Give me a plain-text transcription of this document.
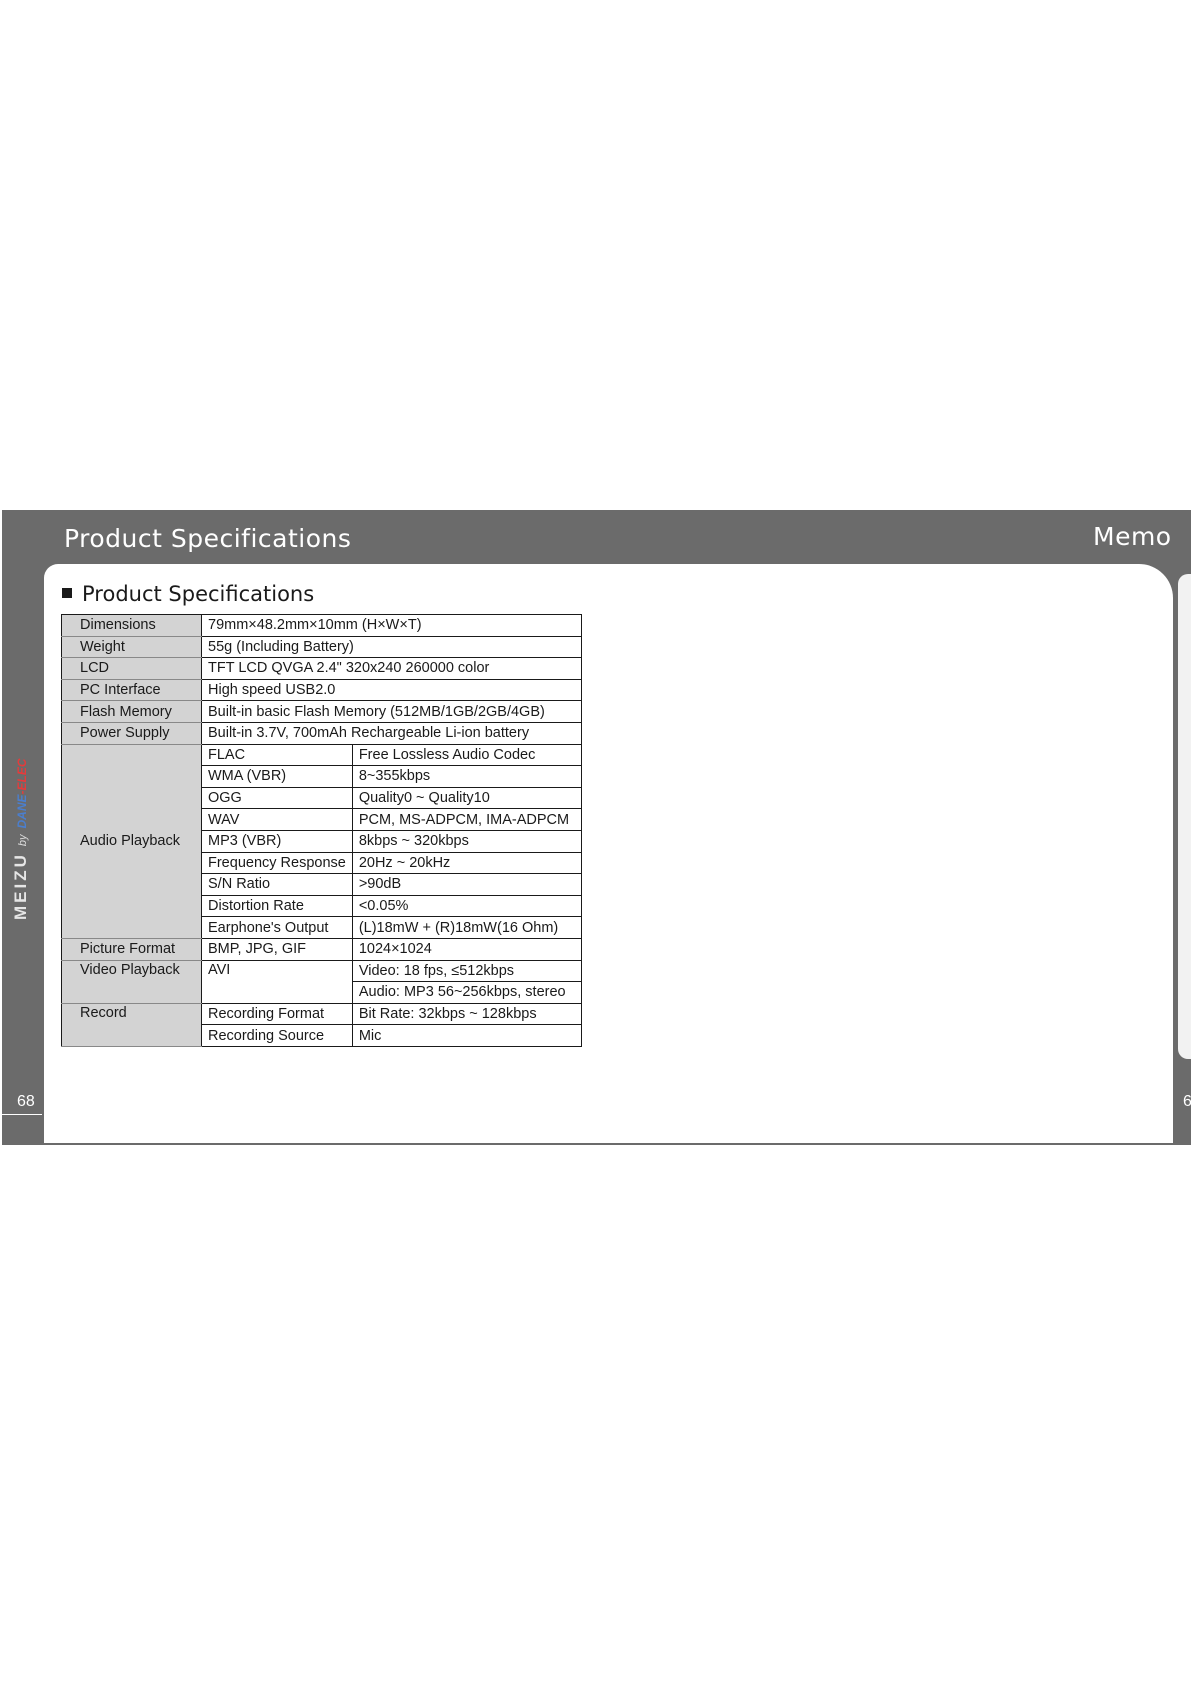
Product Specifications	Memo
Product Specifications
MEIZUbyDANE-ELEC
68	6
Dimensions	79mm×48.2mm×10mm (H×W×T)	
Weight	55g (Including Battery)	
LCD	TFT LCD QVGA 2.4" 320x240 260000 color	
PC Interface	High speed USB2.0	
Flash Memory	Built-in basic Flash Memory (512MB/1GB/2GB/4GB)	
Power Supply	Built-in 3.7V, 700mAh Rechargeable Li-ion battery	
Audio Playback	FLAC	Free Lossless Audio Codec
	WMA (VBR)	8~355kbps
	OGG	Quality0 ~ Quality10
	WAV	PCM, MS-ADPCM, IMA-ADPCM
	MP3 (VBR)	8kbps ~ 320kbps
	Frequency Response	20Hz ~ 20kHz
	S/N Ratio	>90dB
	Distortion Rate	<0.05%
	Earphone's Output	(L)18mW + (R)18mW(16 Ohm)
Picture Format	BMP, JPG, GIF	1024×1024
Video Playback	AVI	Video: 18 fps, ≤512kbps
		Audio: MP3 56~256kbps, stereo
Record	Recording Format	Bit Rate: 32kbps ~ 128kbps
	Recording Source	Mic
